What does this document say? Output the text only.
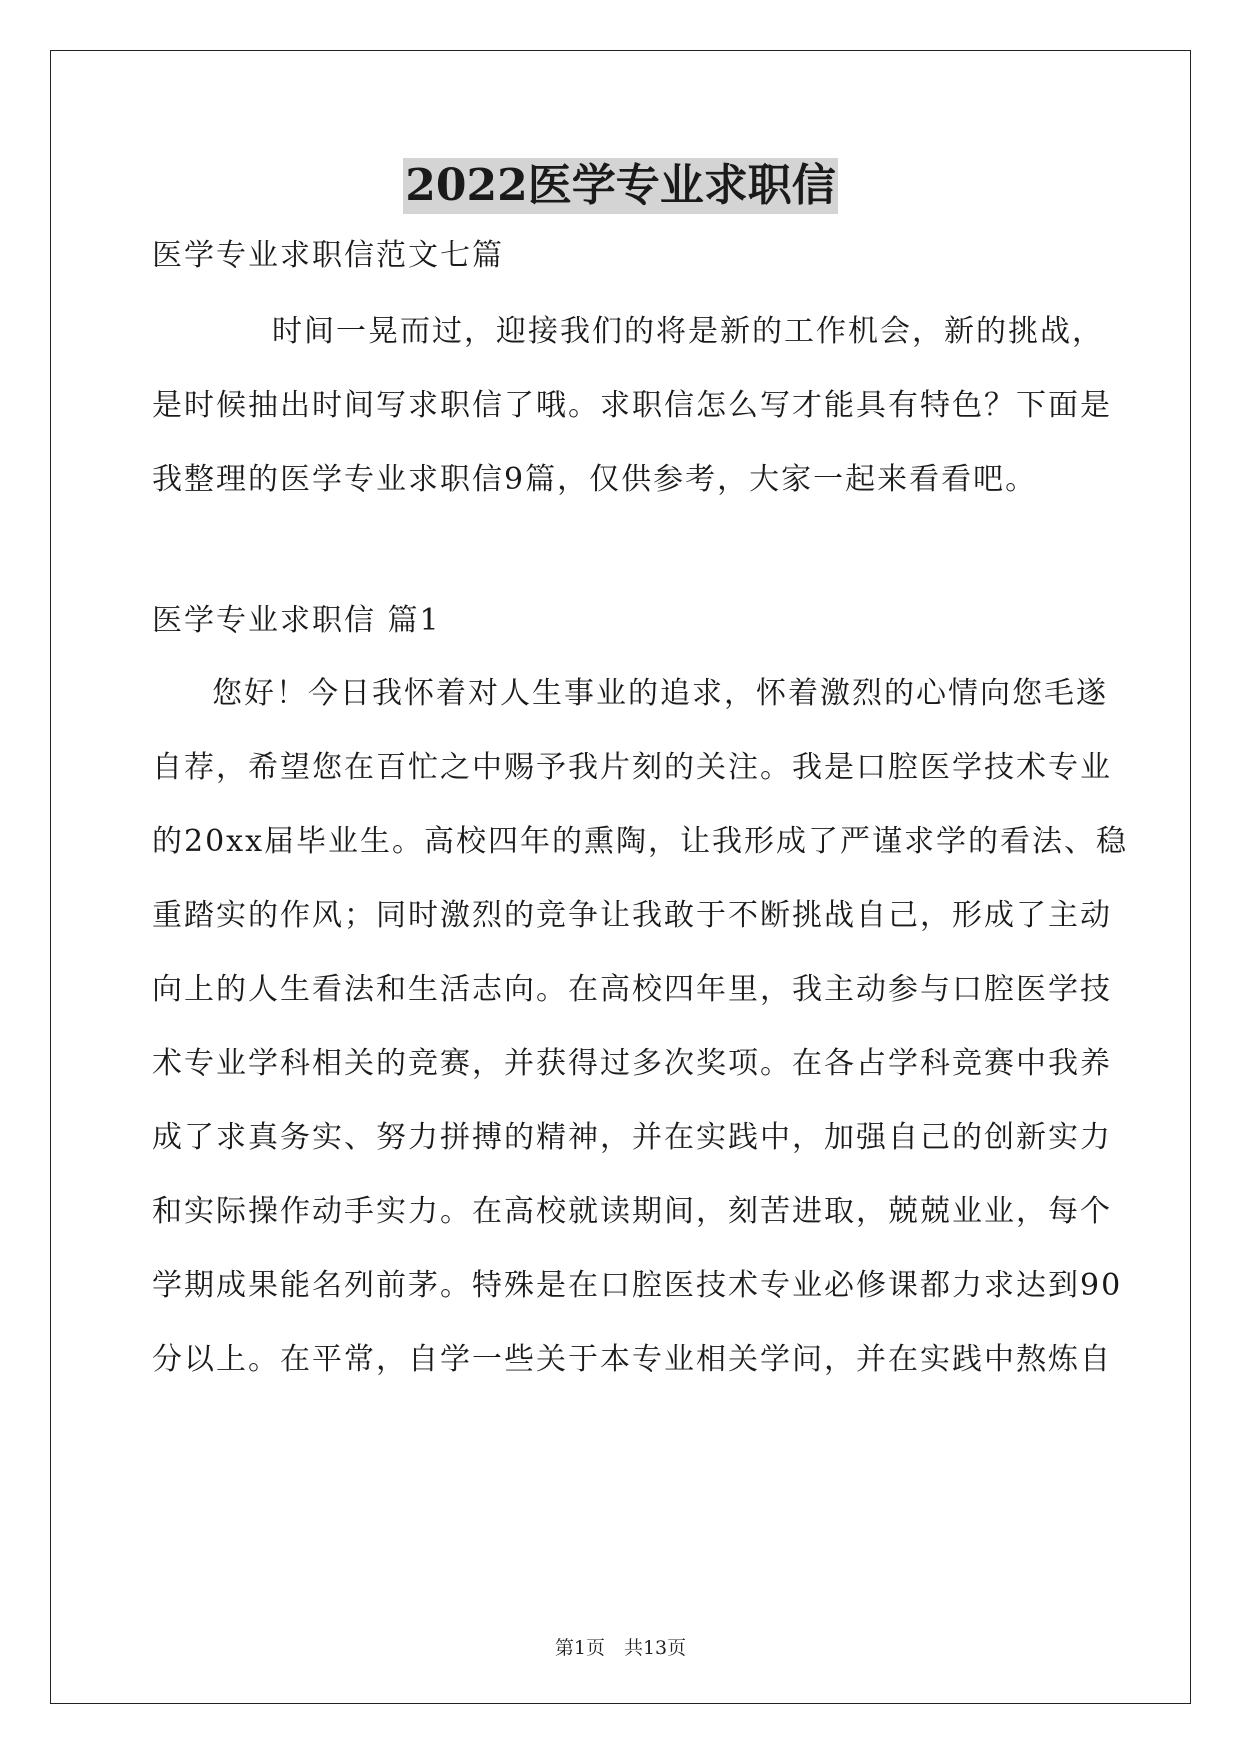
2022医学专业求职信
医学专业求职信范文七篇
时间一晃而过，迎接我们的将是新的工作机会，新的挑战，
是时候抽出时间写求职信了哦。求职信怎么写才能具有特色？下面是
我整理的医学专业求职信9篇，仅供参考，大家一起来看看吧。
医学专业求职信 篇1
您好！今日我怀着对人生事业的追求，怀着激烈的心情向您毛遂
自荐，希望您在百忙之中赐予我片刻的关注。我是口腔医学技术专业
的20xx届毕业生。高校四年的熏陶，让我形成了严谨求学的看法、稳
重踏实的作风；同时激烈的竞争让我敢于不断挑战自己，形成了主动
向上的人生看法和生活志向。在高校四年里，我主动参与口腔医学技
术专业学科相关的竞赛，并获得过多次奖项。在各占学科竞赛中我养
成了求真务实、努力拼搏的精神，并在实践中，加强自己的创新实力
和实际操作动手实力。在高校就读期间，刻苦进取，兢兢业业，每个
学期成果能名列前茅。特殊是在口腔医技术专业必修课都力求达到90
分以上。在平常，自学一些关于本专业相关学问，并在实践中熬炼自
第1页　共13页
